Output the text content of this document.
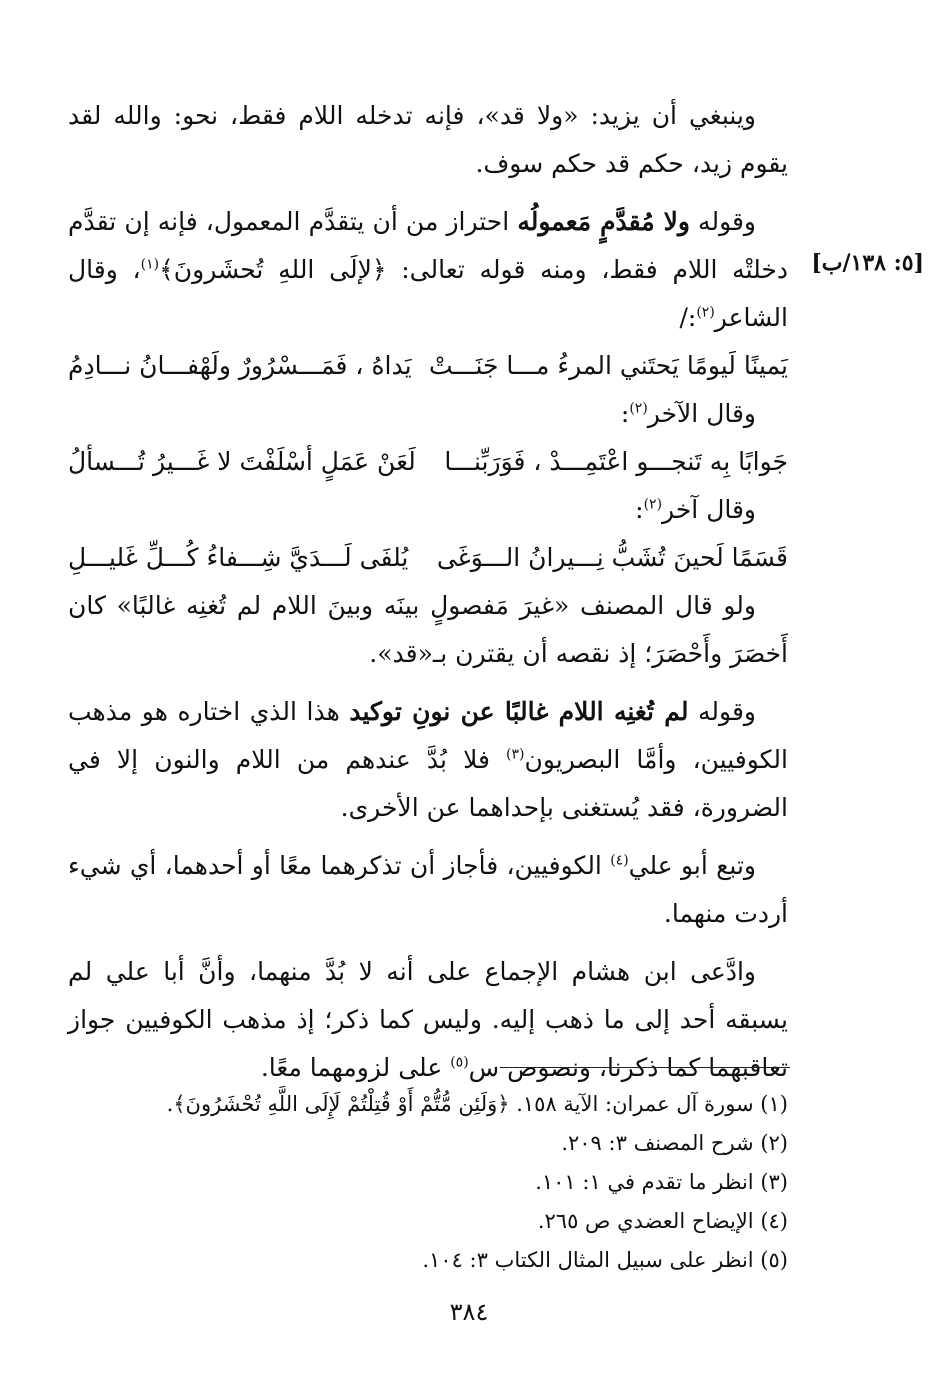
وينبغي أن يزيد: «ولا قد»، فإنه تدخله اللام فقط، نحو: والله لقد يقوم زيد، حكم قد حكم سوف.

وقوله ولا مُقدَّمٍ مَعمولُه احتراز من أن يتقدَّم المعمول، فإنه إن تقدَّم دخلتْه اللام فقط، ومنه قوله تعالى: ﴿لإلَى اللهِ تُحشَرونَ﴾$^{(١)}$، وقال الشاعر$^{(٢)}$:/

يَمينًا لَيومًا يَحتَني المرءُ مـــا جَنَـــتْ
يَداهُ ، فَمَـــسْرُورٌ ولَهْفـــانُ نـــادِمُ

وقال الآخر$^{(٢)}$:

جَوابًا بِه تَنجـــو اعْتَمِـــدْ ، فَوَرَبِّنـــا
لَعَنْ عَمَلٍ أسْلَفْتَ لا غَـــيرُ تُـــسألُ

وقال آخر$^{(٢)}$:

قَسَمًا لَحينَ تُشَبُّ نِـــيرانُ الـــوَغَى
يُلفَى لَـــدَيَّ شِـــفاءُ كُـــلِّ غَليـــلِ

ولو قال المصنف «غيرَ مَفصولٍ بينَه وبينَ اللام لم تُغنِه غالبًا» كان أَخصَرَ وأَحْصَرَ؛ إذ نقصه أن يقترن بـ«قد».

وقوله لم تُغنِه اللام غالبًا عن نونِ توكيد هذا الذي اختاره هو مذهب الكوفيين، وأمَّا البصريون$^{(٣)}$ فلا بُدَّ عندهم من اللام والنون إلا في الضرورة، فقد يُستغنى بإحداهما عن الأخرى.

وتبع أبو علي$^{(٤)}$ الكوفيين، فأجاز أن تذكرهما معًا أو أحدهما، أي شيء أردت منهما.

وادَّعى ابن هشام الإجماع على أنه لا بُدَّ منهما، وأنَّ أبا علي لم يسبقه أحد إلى ما ذهب إليه. وليس كما ذكر؛ إذ مذهب الكوفيين جواز تعاقبهما كما ذكرنا، ونصوص س$^{(٥)}$ على لزومهما معًا.

[٥: ١٣٨/ب]

(١) سورة آل عمران: الآية ١٥٨. ﴿وَلَئِن مُّتُّمْ أَوْ قُتِلْتُمْ لَإِلَى اللَّهِ تُحْشَرُونَ﴾.

(٢) شرح المصنف ٣: ٢٠٩.

(٣) انظر ما تقدم في ١: ١٠١.

(٤) الإيضاح العضدي ص ٢٦٥.

(٥) انظر على سبيل المثال الكتاب ٣: ١٠٤.

٣٨٤
